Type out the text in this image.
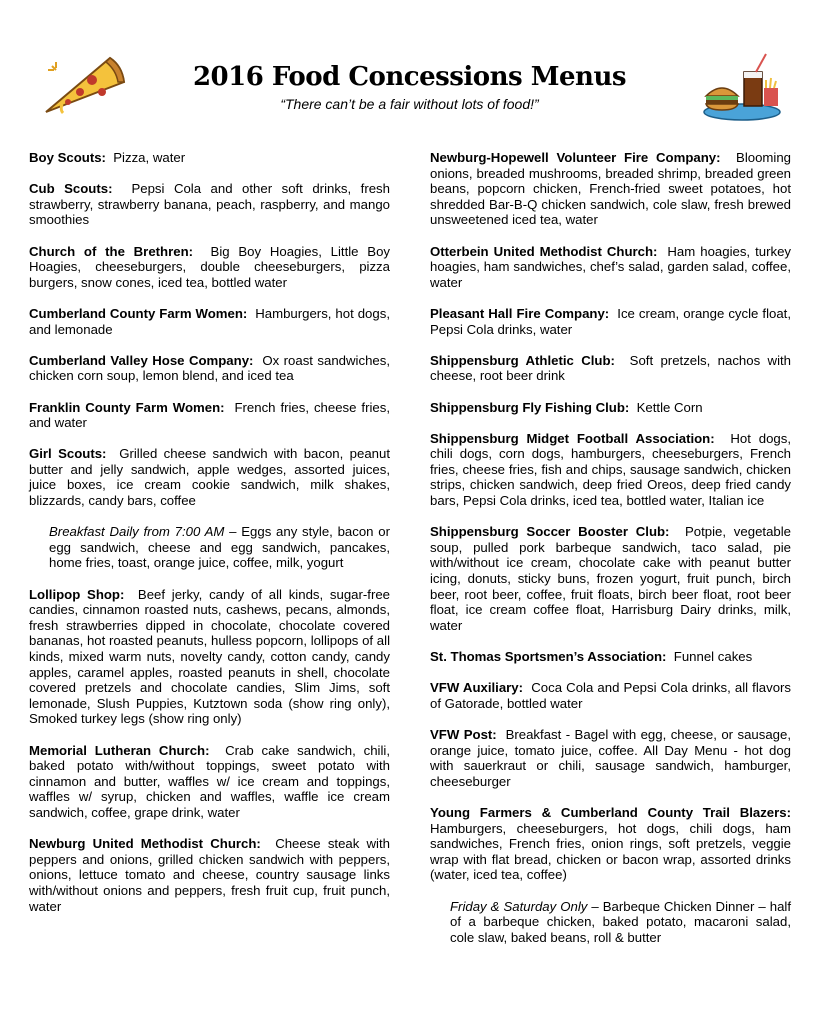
2016 Food Concessions Menus
“There can’t be a fair without lots of food!”

Boy Scouts: Pizza, water

Cub Scouts: Pepsi Cola and other soft drinks, fresh strawberry, strawberry banana, peach, raspberry, and mango smoothies

Church of the Brethren: Big Boy Hoagies, Little Boy Hoagies, cheeseburgers, double cheeseburgers, pizza burgers, snow cones, iced tea, bottled water

Cumberland County Farm Women: Hamburgers, hot dogs, and lemonade

Cumberland Valley Hose Company: Ox roast sandwiches, chicken corn soup, lemon blend, and iced tea

Franklin County Farm Women: French fries, cheese fries, and water

Girl Scouts: Grilled cheese sandwich with bacon, peanut butter and jelly sandwich, apple wedges, assorted juices, juice boxes, ice cream cookie sandwich, milk shakes, blizzards, candy bars, coffee

Breakfast Daily from 7:00 AM – Eggs any style, bacon or egg sandwich, cheese and egg sandwich, pancakes, home fries, toast, orange juice, coffee, milk, yogurt

Lollipop Shop: Beef jerky, candy of all kinds, sugar-free candies, cinnamon roasted nuts, cashews, pecans, almonds, fresh strawberries dipped in chocolate, chocolate covered bananas, hot roasted peanuts, hulless popcorn, lollipops of all kinds, mixed warm nuts, novelty candy, cotton candy, candy apples, caramel apples, roasted peanuts in shell, chocolate covered pretzels and chocolate candies, Slim Jims, soft lemonade, Slush Puppies, Kutztown soda (show ring only), Smoked turkey legs (show ring only)

Memorial Lutheran Church: Crab cake sandwich, chili, baked potato with/without toppings, sweet potato with cinnamon and butter, waffles w/ ice cream and toppings, waffles w/ syrup, chicken and waffles, waffle ice cream sandwich, coffee, grape drink, water

Newburg United Methodist Church: Cheese steak with peppers and onions, grilled chicken sandwich with peppers, onions, lettuce tomato and cheese, country sausage links with/without onions and peppers, fresh fruit cup, fruit punch, water

Newburg-Hopewell Volunteer Fire Company: Blooming onions, breaded mushrooms, breaded shrimp, breaded green beans, popcorn chicken, French-fried sweet potatoes, hot shredded Bar-B-Q chicken sandwich, cole slaw, fresh brewed unsweetened iced tea, water

Otterbein United Methodist Church: Ham hoagies, turkey hoagies, ham sandwiches, chef’s salad, garden salad, coffee, water

Pleasant Hall Fire Company: Ice cream, orange cycle float, Pepsi Cola drinks, water

Shippensburg Athletic Club: Soft pretzels, nachos with cheese, root beer drink

Shippensburg Fly Fishing Club: Kettle Corn

Shippensburg Midget Football Association: Hot dogs, chili dogs, corn dogs, hamburgers, cheeseburgers, French fries, cheese fries, fish and chips, sausage sandwich, chicken strips, chicken sandwich, deep fried Oreos, deep fried candy bars, Pepsi Cola drinks, iced tea, bottled water, Italian ice

Shippensburg Soccer Booster Club: Potpie, vegetable soup, pulled pork barbeque sandwich, taco salad, pie with/without ice cream, chocolate cake with peanut butter icing, donuts, sticky buns, frozen yogurt, fruit punch, birch beer, root beer, coffee, fruit floats, birch beer float, root beer float, ice cream coffee float, Harrisburg Dairy drinks, milk, water

St. Thomas Sportsmen’s Association: Funnel cakes

VFW Auxiliary: Coca Cola and Pepsi Cola drinks, all flavors of Gatorade, bottled water

VFW Post: Breakfast - Bagel with egg, cheese, or sausage, orange juice, tomato juice, coffee. All Day Menu - hot dog with sauerkraut or chili, sausage sandwich, hamburger, cheeseburger

Young Farmers & Cumberland County Trail Blazers: Hamburgers, cheeseburgers, hot dogs, chili dogs, ham sandwiches, French fries, onion rings, soft pretzels, veggie wrap with flat bread, chicken or bacon wrap, assorted drinks (water, iced tea, coffee)

Friday & Saturday Only – Barbeque Chicken Dinner – half of a barbeque chicken, baked potato, macaroni salad, cole slaw, baked beans, roll & butter
